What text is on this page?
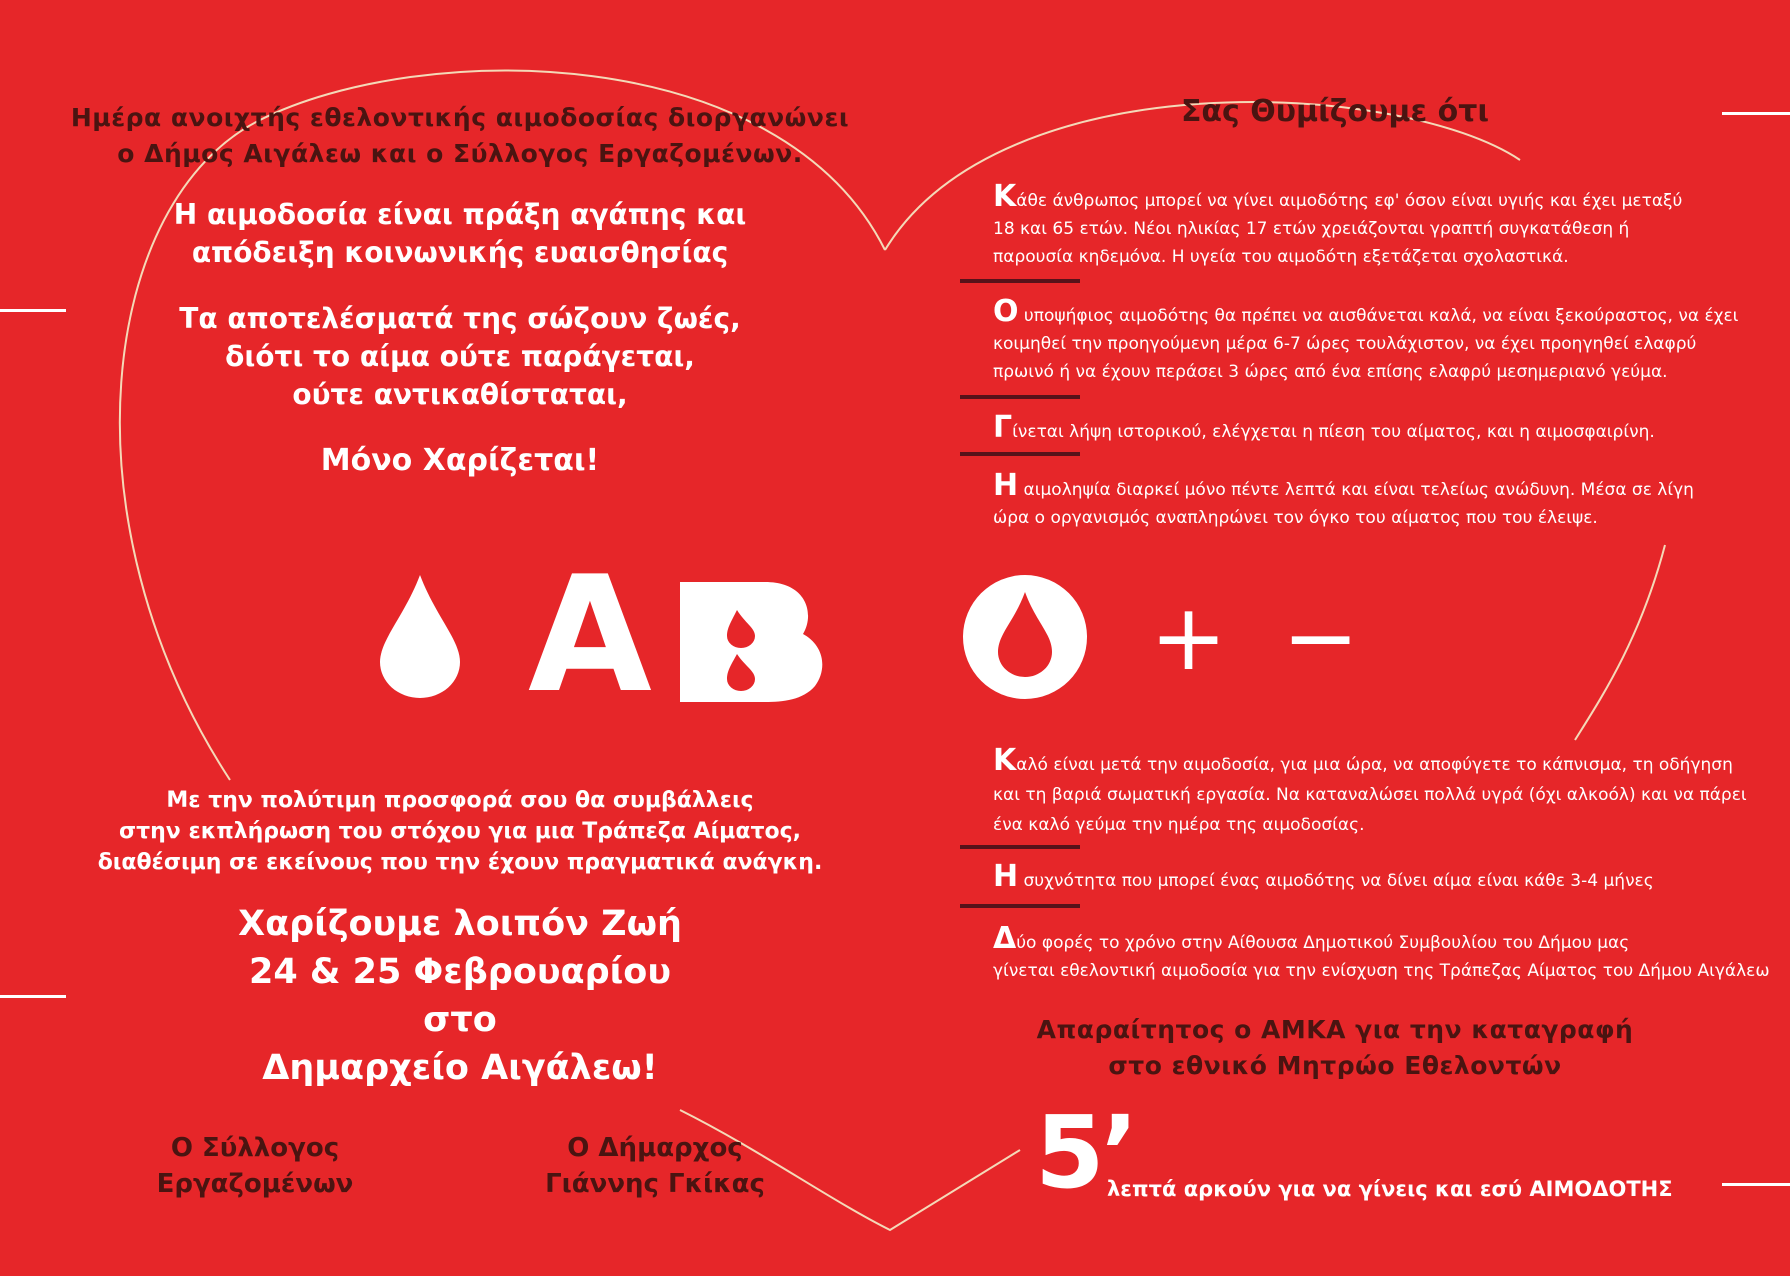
Ημέρα ανοιχτής εθελοντικής αιμοδοσίας διοργανώνει
ο Δήμος Αιγάλεω και ο Σύλλογος Εργαζομένων.
Η αιμοδοσία είναι πράξη αγάπης και
απόδειξη κοινωνικής ευαισθησίας
Τα αποτελέσματά της σώζουν ζωές,
διότι το αίμα ούτε παράγεται,
ούτε αντικαθίσταται,
Μόνο Χαρίζεται!
A	+ −
Με την πολύτιμη προσφορά σου θα συμβάλλεις
στην εκπλήρωση του στόχου για μια Τράπεζα Αίματος,
διαθέσιμη σε εκείνους που την έχουν πραγματικά ανάγκη.
Χαρίζουμε λοιπόν Ζωή
24 & 25 Φεβρουαρίου
στο
Δημαρχείο Αιγάλεω!
Ο Σύλλογος
Εργαζομένων
Ο Δήμαρχος
Γιάννης Γκίκας
Σας Θυμίζουμε ότι
Κάθε άνθρωπος μπορεί να γίνει αιμοδότης εφ' όσον είναι υγιής και έχει μεταξύ
18 και 65 ετών. Νέοι ηλικίας 17 ετών χρειάζονται γραπτή συγκατάθεση ή
παρουσία κηδεμόνα. Η υγεία του αιμοδότη εξετάζεται σχολαστικά.
Ο υποψήφιος αιμοδότης θα πρέπει να αισθάνεται καλά, να είναι ξεκούραστος, να έχει
κοιμηθεί την προηγούμενη μέρα 6-7 ώρες τουλάχιστον, να έχει προηγηθεί ελαφρύ
πρωινό ή να έχουν περάσει 3 ώρες από ένα επίσης ελαφρύ μεσημεριανό γεύμα.
Γίνεται λήψη ιστορικού, ελέγχεται η πίεση του αίματος, και η αιμοσφαιρίνη.
Η αιμοληψία διαρκεί μόνο πέντε λεπτά και είναι τελείως ανώδυνη. Μέσα σε λίγη
ώρα ο οργανισμός αναπληρώνει τον όγκο του αίματος που του έλειψε.
Καλό είναι μετά την αιμοδοσία, για μια ώρα, να αποφύγετε το κάπνισμα, τη οδήγηση
και τη βαριά σωματική εργασία. Να καταναλώσει πολλά υγρά (όχι αλκοόλ) και να πάρει
ένα καλό γεύμα την ημέρα της αιμοδοσίας.
Η συχνότητα που μπορεί ένας αιμοδότης να δίνει αίμα είναι κάθε 3-4 μήνες
Δύο φορές το χρόνο στην Αίθουσα Δημοτικού Συμβουλίου του Δήμου μας
γίνεται εθελοντική αιμοδοσία για την ενίσχυση της Τράπεζας Αίματος του Δήμου Αιγάλεω
Απαραίτητος ο ΑΜΚΑ για την καταγραφή
στο εθνικό Μητρώο Εθελοντών
5’
λεπτά αρκούν για να γίνεις και εσύ ΑΙΜΟΔΟΤΗΣ
